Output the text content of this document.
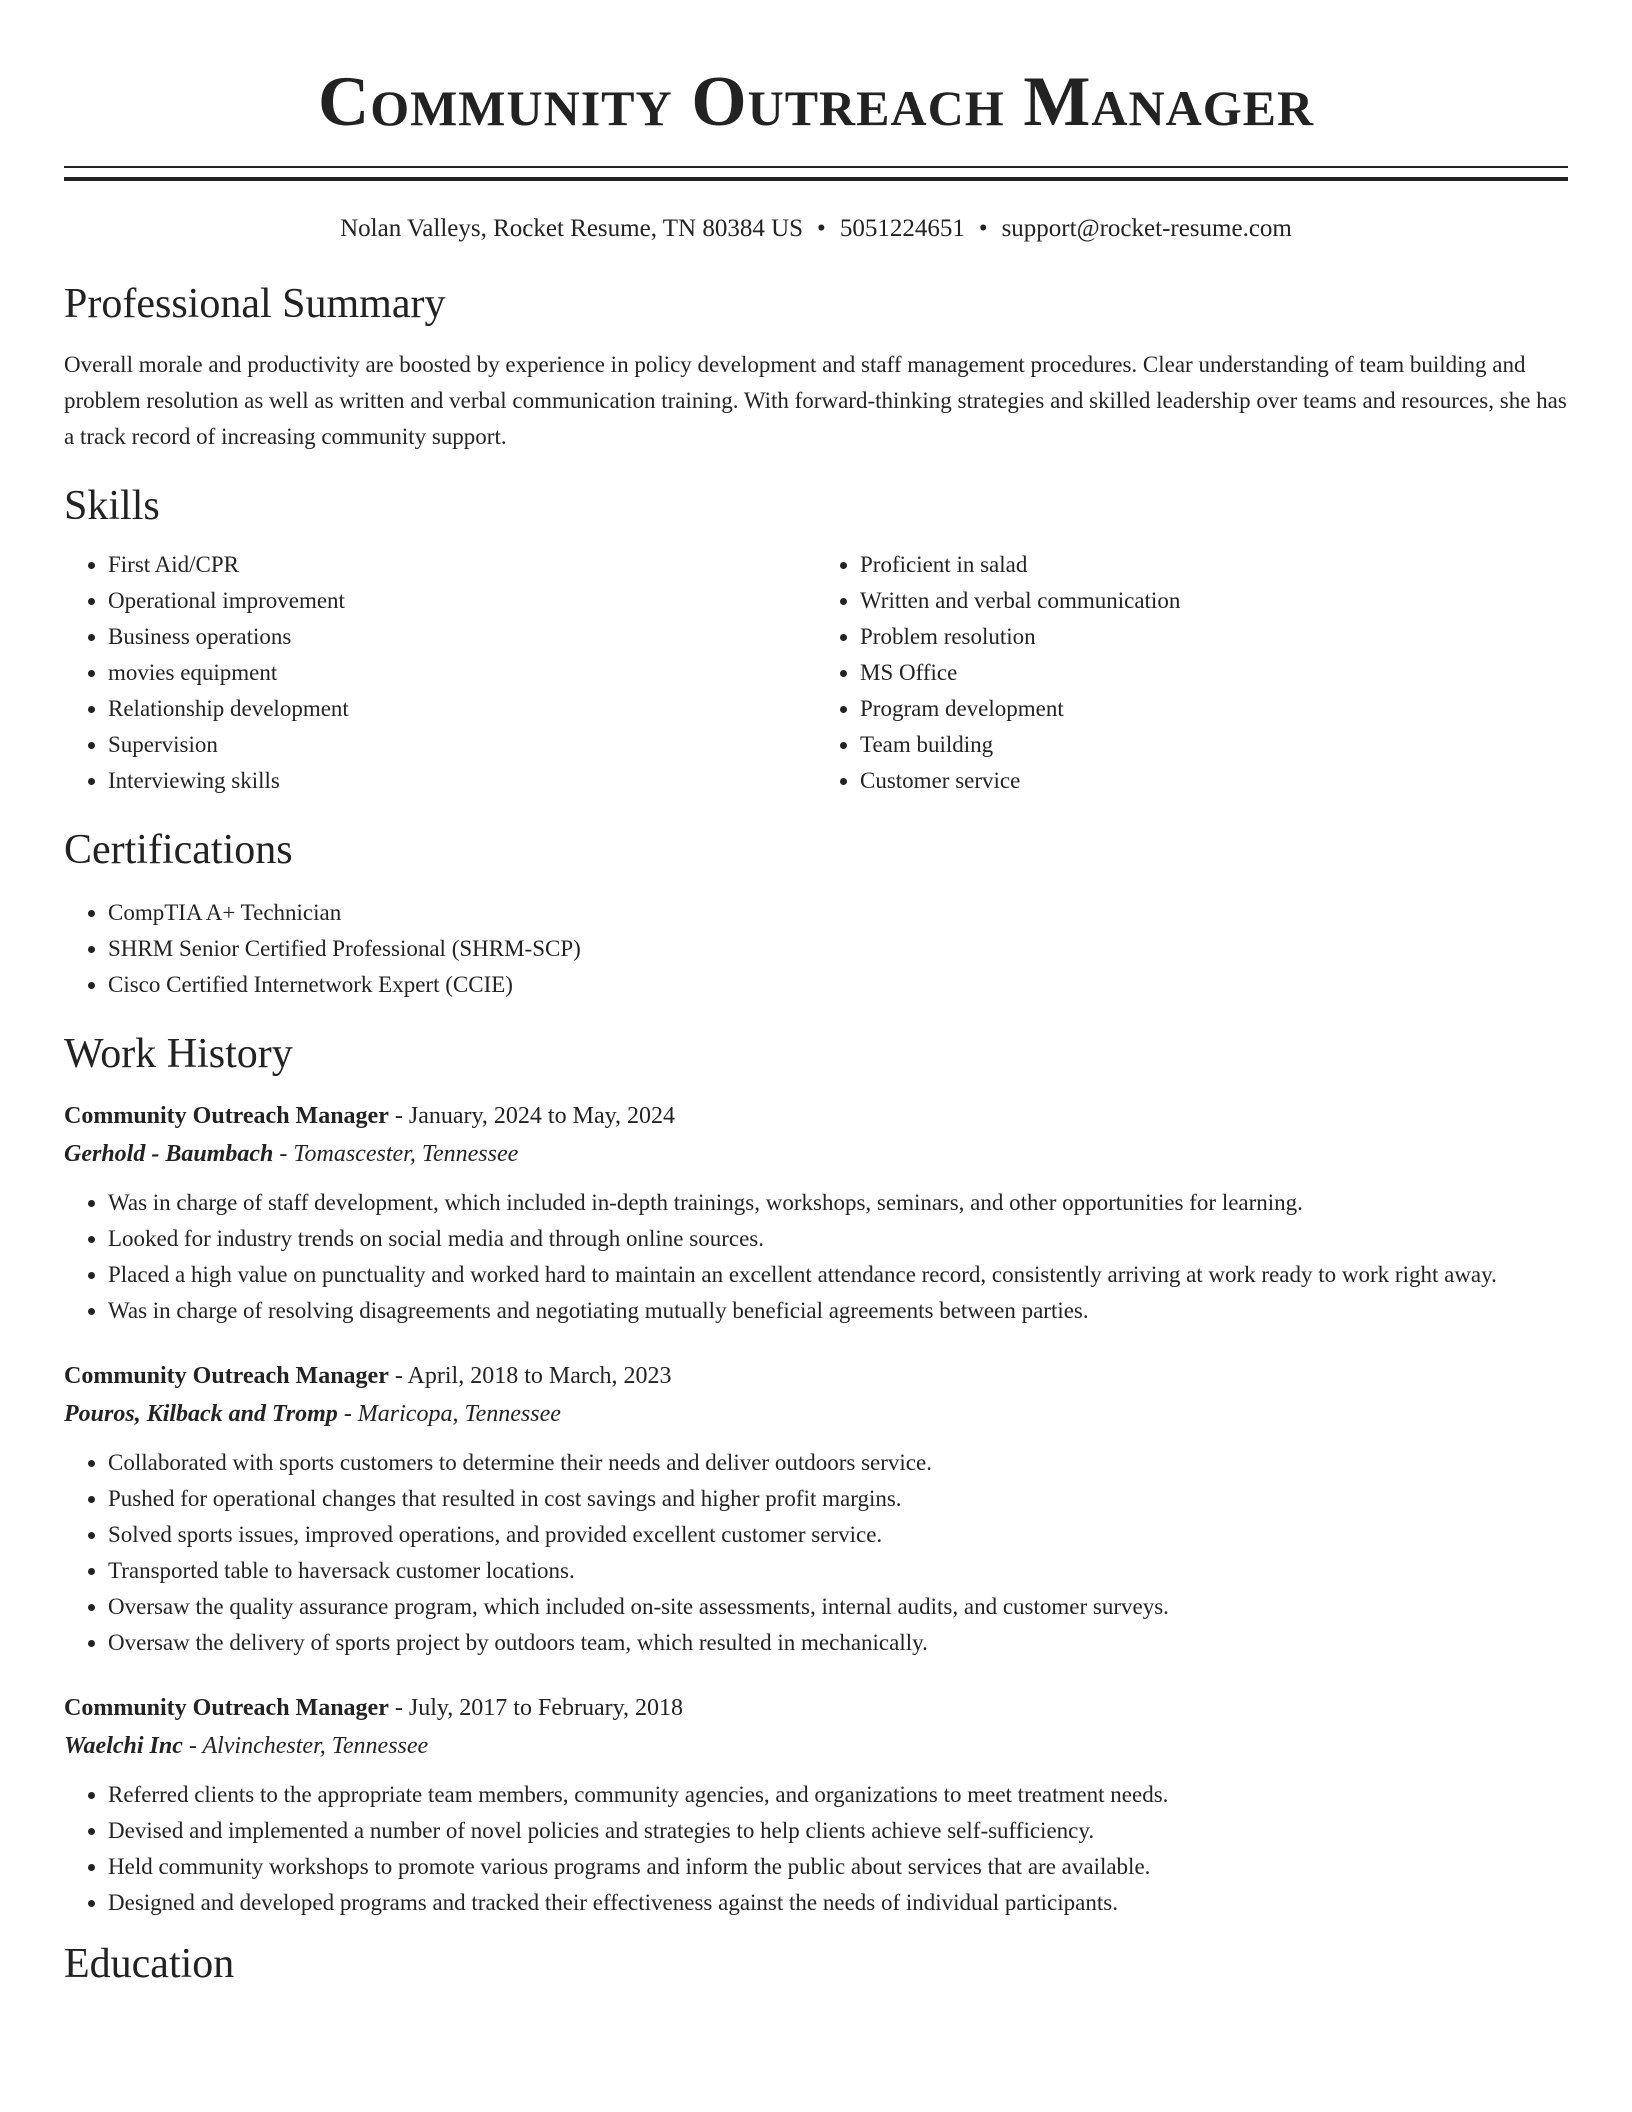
Community Outreach Manager
Nolan Valleys, Rocket Resume, TN 80384 US • 5051224651 • support@rocket-resume.com
Professional Summary

Overall morale and productivity are boosted by experience in policy development and staff management procedures. Clear understanding of team building and problem resolution as well as written and verbal communication training. With forward-thinking strategies and skilled leadership over teams and resources, she has a track record of increasing community support.

Skills
• First Aid/CPR
• Operational improvement
• Business operations
• movies equipment
• Relationship development
• Supervision
• Interviewing skills
• Proficient in salad
• Written and verbal communication
• Problem resolution
• MS Office
• Program development
• Team building
• Customer service
Certifications
• CompTIA A+ Technician
• SHRM Senior Certified Professional (SHRM-SCP)
• Cisco Certified Internetwork Expert (CCIE)
Work History
Community Outreach Manager - January, 2024 to May, 2024
Gerhold - Baumbach - Tomascester, Tennessee
• Was in charge of staff development, which included in-depth trainings, workshops, seminars, and other opportunities for learning.
• Looked for industry trends on social media and through online sources.
• Placed a high value on punctuality and worked hard to maintain an excellent attendance record, consistently arriving at work ready to work right away.
• Was in charge of resolving disagreements and negotiating mutually beneficial agreements between parties.
Community Outreach Manager - April, 2018 to March, 2023
Pouros, Kilback and Tromp - Maricopa, Tennessee
• Collaborated with sports customers to determine their needs and deliver outdoors service.
• Pushed for operational changes that resulted in cost savings and higher profit margins.
• Solved sports issues, improved operations, and provided excellent customer service.
• Transported table to haversack customer locations.
• Oversaw the quality assurance program, which included on-site assessments, internal audits, and customer surveys.
• Oversaw the delivery of sports project by outdoors team, which resulted in mechanically.
Community Outreach Manager - July, 2017 to February, 2018
Waelchi Inc - Alvinchester, Tennessee
• Referred clients to the appropriate team members, community agencies, and organizations to meet treatment needs.
• Devised and implemented a number of novel policies and strategies to help clients achieve self-sufficiency.
• Held community workshops to promote various programs and inform the public about services that are available.
• Designed and developed programs and tracked their effectiveness against the needs of individual participants.
Education
